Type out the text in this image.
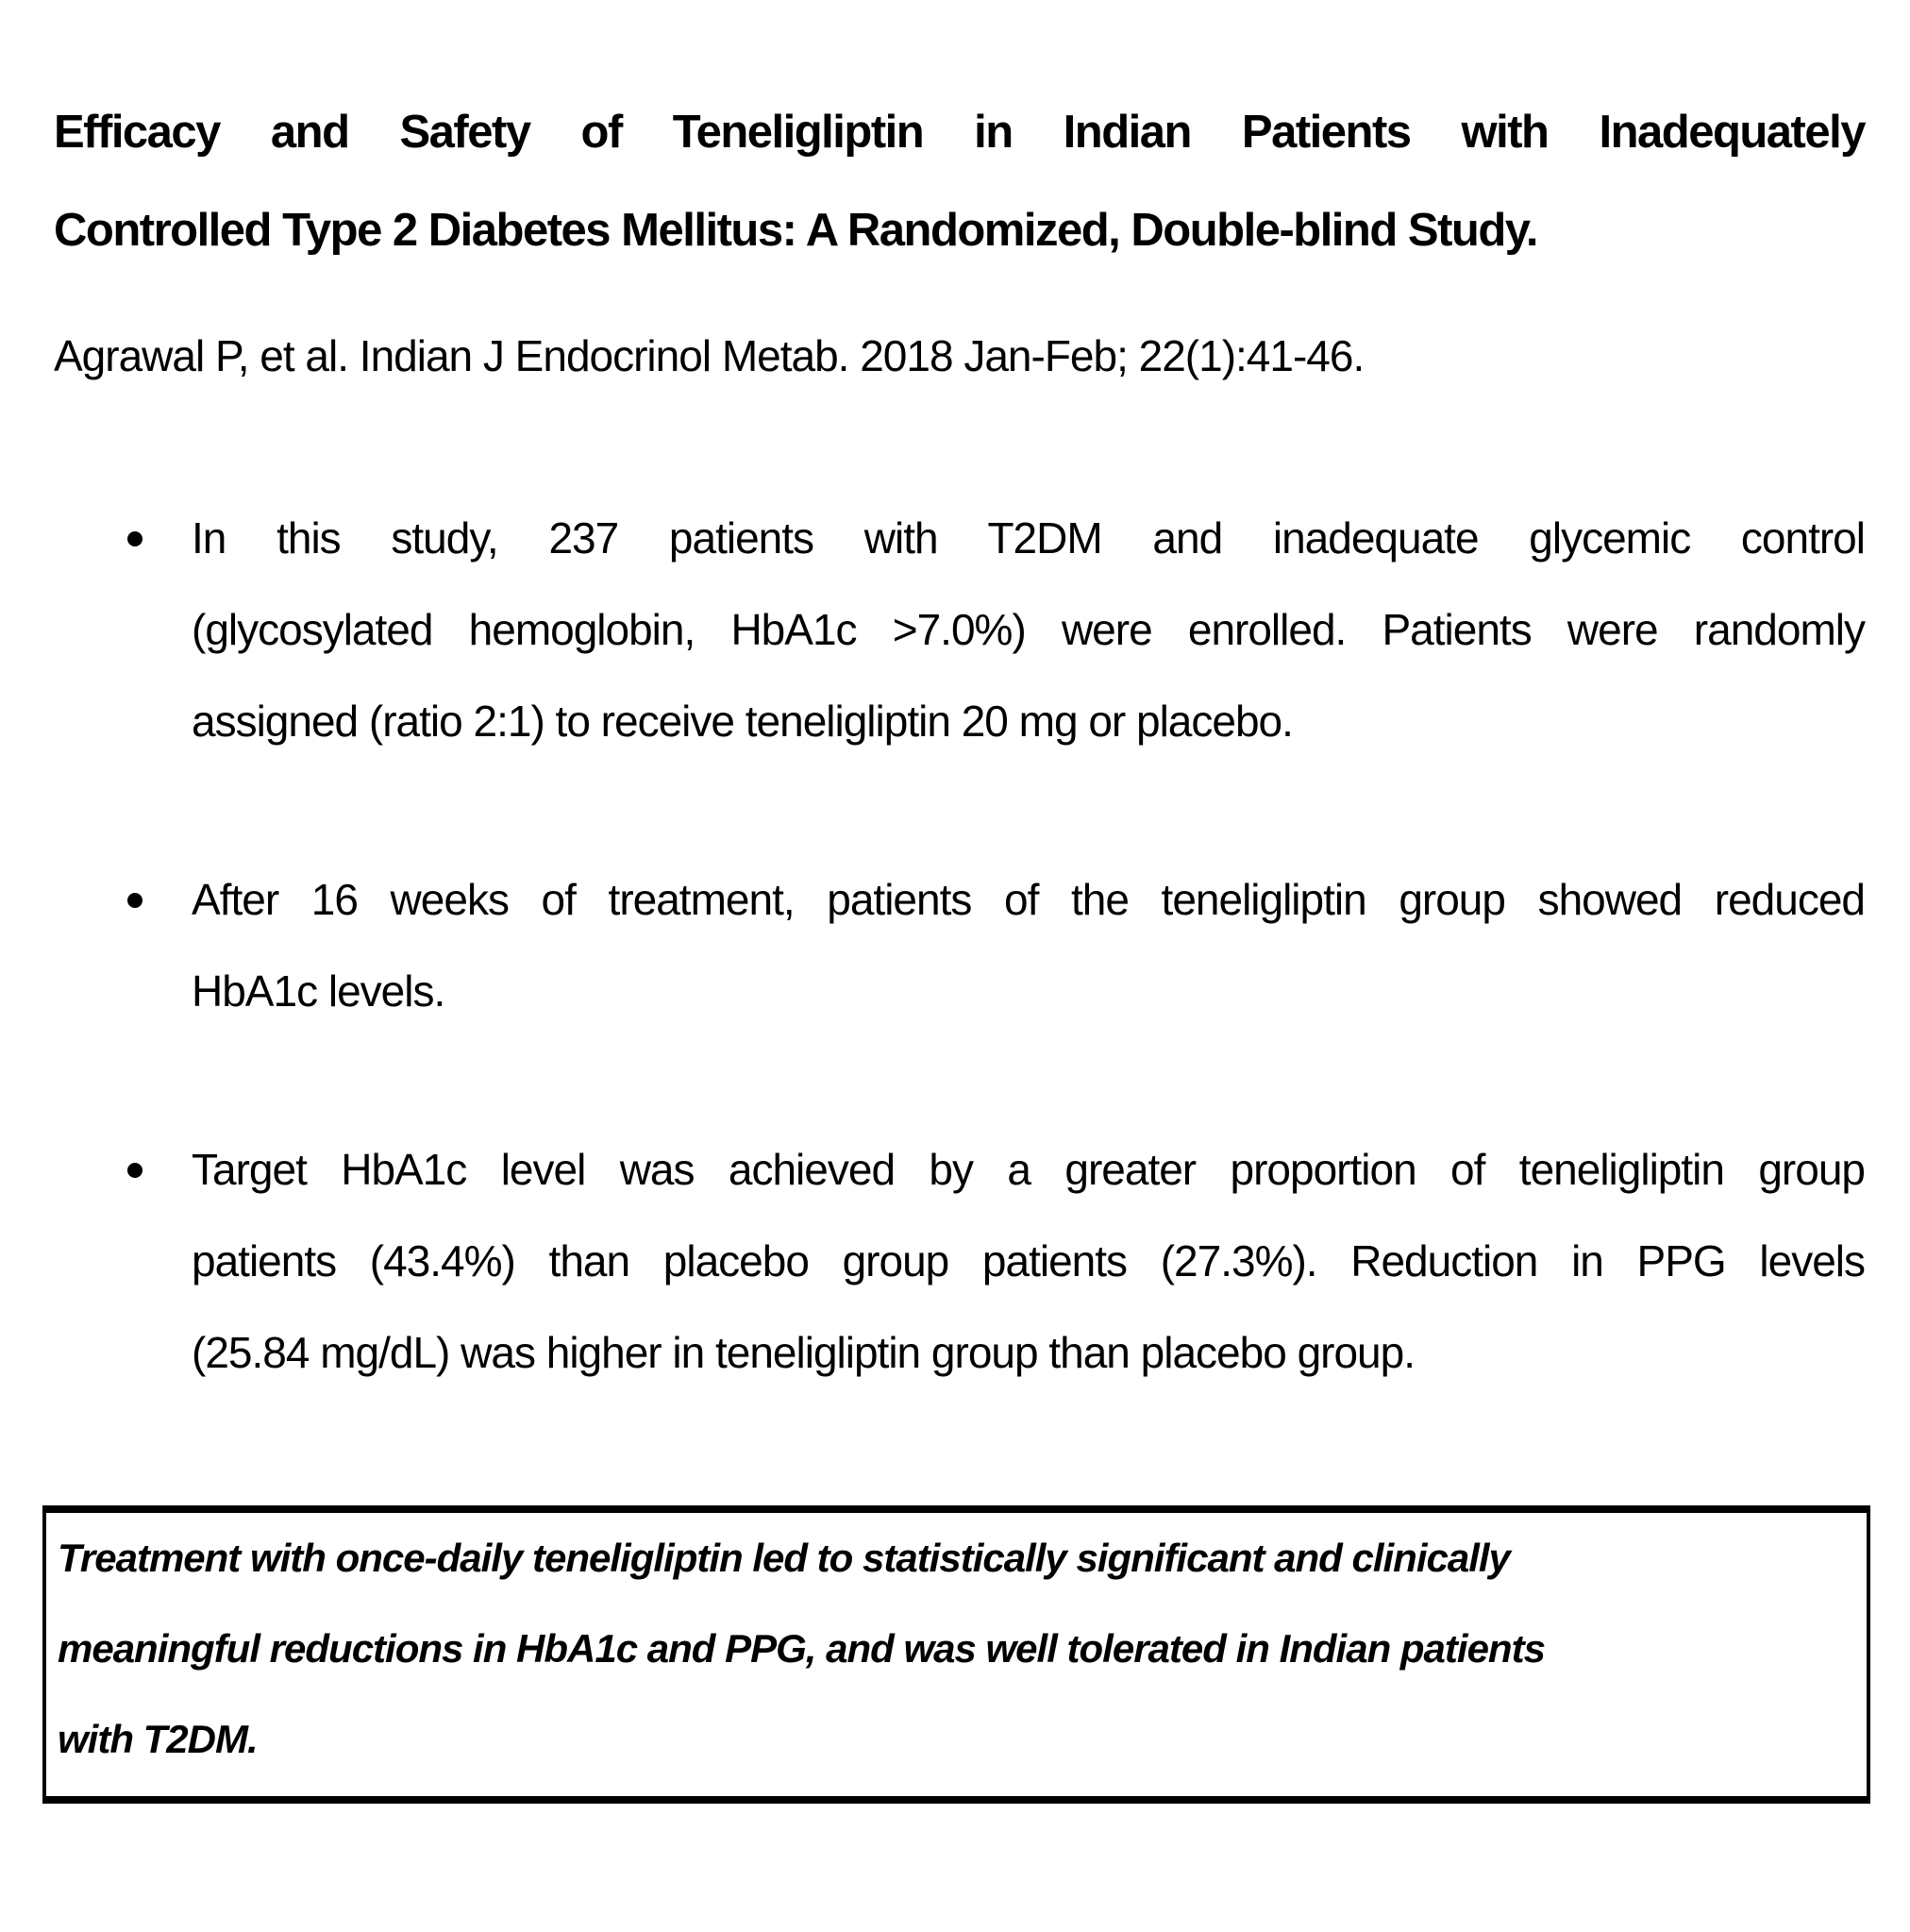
Efficacy and Safety of Teneligliptin in Indian Patients with Inadequately
Controlled Type 2 Diabetes Mellitus: A Randomized, Double-blind Study.
Agrawal P, et al. Indian J Endocrinol Metab. 2018 Jan-Feb; 22(1):41-46.
In this study, 237 patients with T2DM and inadequate glycemic control
(glycosylated hemoglobin, HbA1c >7.0%) were enrolled. Patients were randomly
assigned (ratio 2:1) to receive teneligliptin 20 mg or placebo.
After 16 weeks of treatment, patients of the teneligliptin group showed reduced
HbA1c levels.
Target HbA1c level was achieved by a greater proportion of teneligliptin group
patients (43.4%) than placebo group patients (27.3%). Reduction in PPG levels
(25.84 mg/dL) was higher in teneligliptin group than placebo group.
Treatment with once-daily teneligliptin led to statistically significant and clinically
meaningful reductions in HbA1c and PPG, and was well tolerated in Indian patients
with T2DM.
